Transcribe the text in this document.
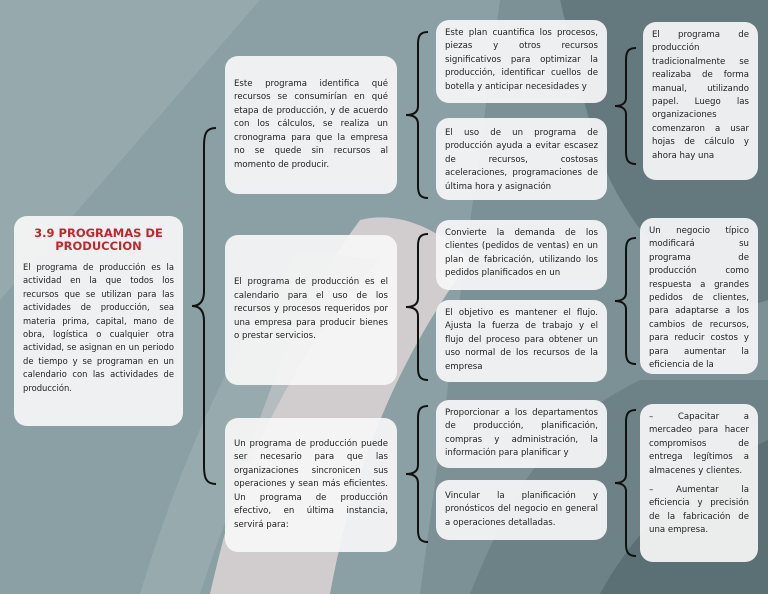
3.9 PROGRAMAS DE PRODUCCION
El programa de producción es la actividad en la que todos los recursos que se utilizan para las actividades de producción, sea materia prima, capital, mano de obra, logística o cualquier otra actividad, se asignan en un periodo de tiempo y se programan en un calendario con las actividades de producción.
Este programa identifica qué recursos se consumirían en qué etapa de producción, y de acuerdo con los cálculos, se realiza un cronograma para que la empresa no se quede sin recursos al momento de producir.
El programa de producción es el calendario para el uso de los recursos y procesos requeridos por una empresa para producir bienes o prestar servicios.
Un programa de producción puede ser necesario para que las organizaciones sincronicen sus operaciones y sean más eficientes. Un programa de producción efectivo, en última instancia, servirá para:
Este plan cuantifica los procesos, piezas y otros recursos significativos para optimizar la producción, identificar cuellos de botella y anticipar necesidades y
El uso de un programa de producción ayuda a evitar escasez de recursos, costosas aceleraciones, programaciones de última hora y asignación
Convierte la demanda de los clientes (pedidos de ventas) en un plan de fabricación, utilizando los pedidos planificados en un
El objetivo es mantener el flujo. Ajusta la fuerza de trabajo y el flujo del proceso para obtener un uso normal de los recursos de la empresa
Proporcionar a los departamentos de producción, planificación, compras y administración, la información para planificar y
Vincular la planificación y pronósticos del negocio en general a operaciones detalladas.
El programa de producción tradicionalmente se realizaba de forma manual, utilizando papel. Luego las organizaciones comenzaron a usar hojas de cálculo y ahora hay una
Un negocio típico modificará su programa de producción como respuesta a grandes pedidos de clientes, para adaptarse a los cambios de recursos, para reducir costos y para aumentar la eficiencia de la
– Capacitar a mercadeo para hacer compromisos de entrega legítimos a almacenes y clientes.
– Aumentar la eficiencia y precisión de la fabricación de una empresa.
